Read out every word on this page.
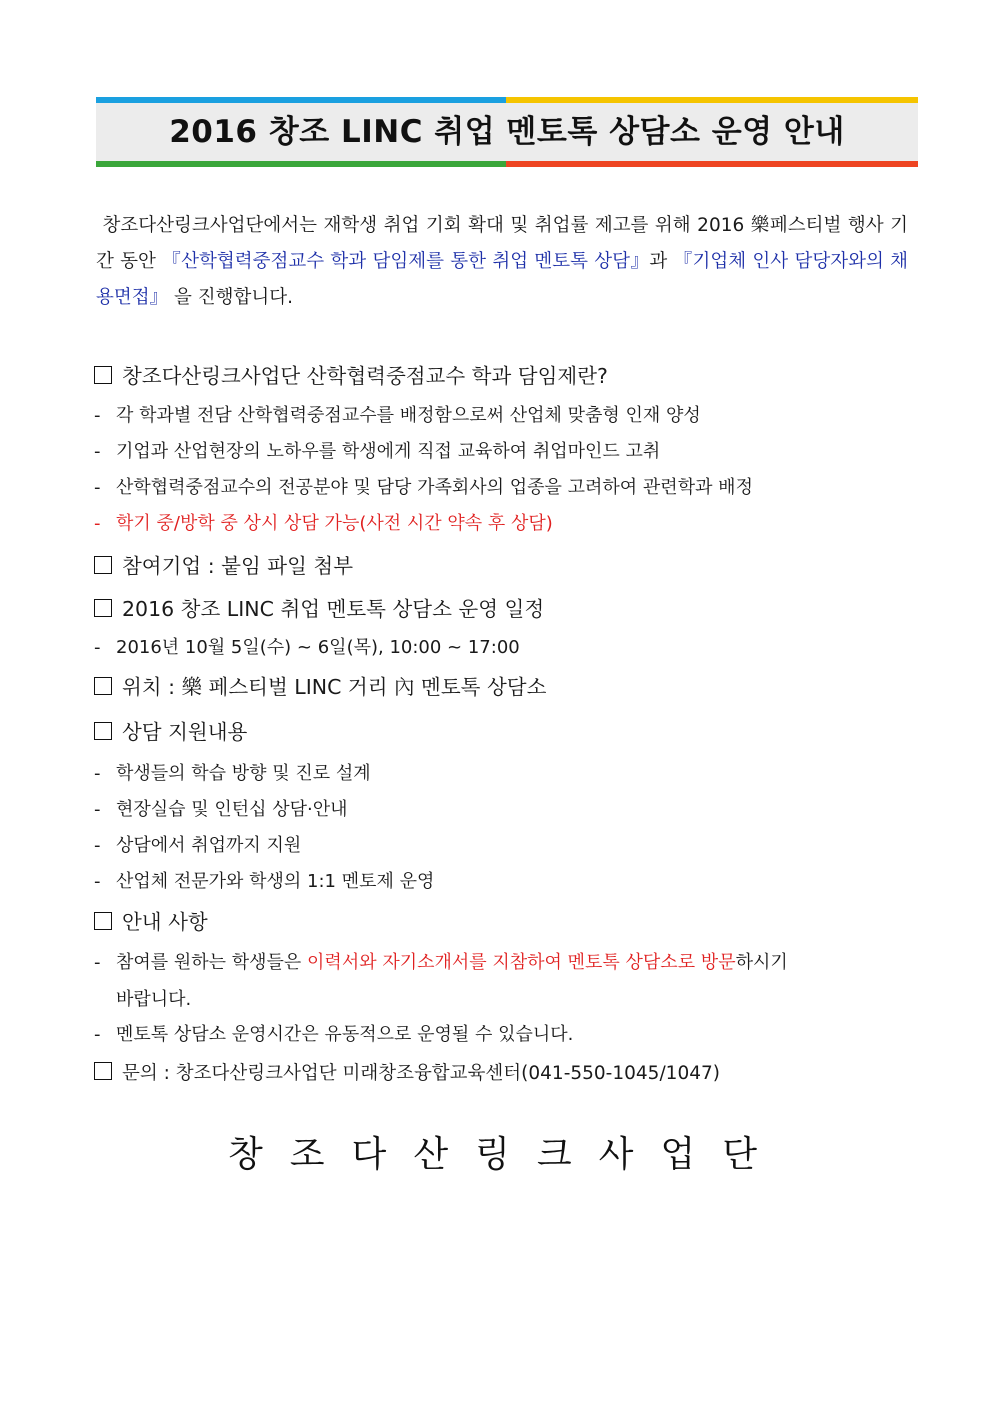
2016 창조 LINC 취업 멘토톡 상담소 운영 안내

창조다산링크사업단에서는 재학생 취업 기회 확대 및 취업률 제고를 위해 2016 樂페스티벌 행사 기간 동안 『산학협력중점교수 학과 담임제를 통한 취업 멘토톡 상담』과 『기업체 인사 담당자와의 채용면접』 을 진행합니다.

창조다산링크사업단 산학협력중점교수 학과 담임제란?
- 각 학과별 전담 산학협력중점교수를 배정함으로써 산업체 맞춤형 인재 양성
- 기업과 산업현장의 노하우를 학생에게 직접 교육하여 취업마인드 고취
- 산학협력중점교수의 전공분야 및 담당 가족회사의 업종을 고려하여 관련학과 배정
- 학기 중/방학 중 상시 상담 가능(사전 시간 약속 후 상담)
참여기업 : 붙임 파일 첨부
2016 창조 LINC 취업 멘토톡 상담소 운영 일정
- 2016년 10월 5일(수) ~ 6일(목), 10:00 ~ 17:00
위치 : 樂 페스티벌 LINC 거리 內 멘토톡 상담소
상담 지원내용
- 학생들의 학습 방향 및 진로 설계
- 현장실습 및 인턴십 상담·안내
- 상담에서 취업까지 지원
- 산업체 전문가와 학생의 1:1 멘토제 운영
안내 사항
- 참여를 원하는 학생들은 이력서와 자기소개서를 지참하여 멘토톡 상담소로 방문하시기
바랍니다.
- 멘토톡 상담소 운영시간은 유동적으로 운영될 수 있습니다.
문의 : 창조다산링크사업단 미래창조융합교육센터(041-550-1045/1047)
창조다산링크사업단
